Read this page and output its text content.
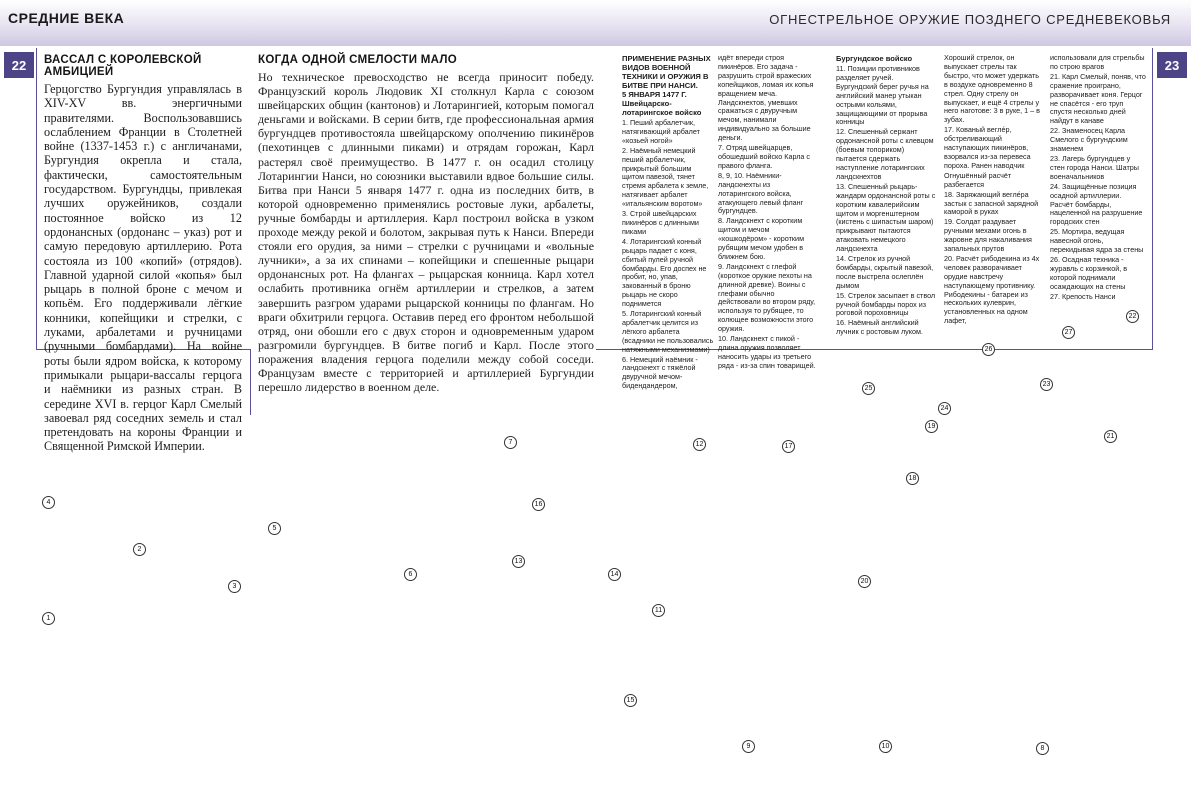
СРЕДНИЕ ВЕКА	ОГНЕСТРЕЛЬНОЕ ОРУЖИЕ ПОЗДНЕГО СРЕДНЕВЕКОВЬЯ
22	23
ВАССАЛ С КОРОЛЕВСКОЙ АМБИЦИЕЙ
Герцогство Бургундия управлялась в XIV-XV вв. энергичными правителями. Воспользовавшись ослаблением Франции в Столетней войне (1337-1453 г.) с англичанами, Бургундия окрепла и стала, фактически, самостоятельным государством. Бургундцы, привлекая лучших оружейников, создали постоянное войско из 12 ордонансных (ордонанс – указ) рот и самую передовую артиллерию. Рота состояла из 100 «копий» (отрядов). Главной ударной силой «копья» был рыцарь в полной броне с мечом и копьём. Его поддерживали лёгкие конники, копейщики и стрелки, с луками, арбалетами и ручницами (ручными бомбардами). На войне роты были ядром войска, к которому примыкали рыцари-вассалы герцога и наёмники из разных стран. В середине XVI в. герцог Карл Смелый завоевал ряд соседних земель и стал претендовать на короны Франции и Священной Римской Империи.
КОГДА ОДНОЙ СМЕЛОСТИ МАЛО
Но техническое превосходство не всегда приносит победу. Французский король Людовик XI столкнул Карла с союзом швейцарских общин (кантонов) и Лотарингией, которым помогал деньгами и войсками. В серии битв, где профессиональная армия бургундцев противостояла швейцарскому ополчению пикинёров (пехотинцев с длинными пиками) и отрядам горожан, Карл растерял своё преимущество. В 1477 г. он осадил столицу Лотарингии Нанси, но союзники выставили вдвое большие силы. Битва при Нанси 5 января 1477 г. одна из последних битв, в которой одновременно применялись ростовые луки, арбалеты, ручные бомбарды и артиллерия. Карл построил войска в узком проходе между рекой и болотом, закрывая путь к Нанси. Впереди стояли его орудия, за ними – стрелки с ручницами и «вольные лучники», а за их спинами – копейщики и спешенные рыцари ордонансных рот. На флангах – рыцарская конница. Карл хотел ослабить противника огнём артиллерии и стрелков, а затем завершить разгром ударами рыцарской конницы по флангам. Но враги обхитрили герцога. Оставив перед его фронтом небольшой отряд, они обошли его с двух сторон и одновременным ударом разгромили бургундцев. В битве погиб и Карл. После этого поражения владения герцога поделили между собой соседи. Французам вместе с территорией и артиллерией Бургундии перешло лидерство в военном деле.
ПРИМЕНЕНИЕ РАЗНЫХ ВИДОВ ВОЕННОЙ ТЕХНИКИ И ОРУЖИЯ В БИТВЕ ПРИ НАНСИ.
5 ЯНВАРЯ 1477 Г.
Швейцарско-лотарингское войско
1. Пеший арбалетчик, натягивающий арбалет «козьей ногой»
2. Наёмный немецкий пеший арбалетчик, прикрытый большим щитом павезой, тянет стремя арбалета к земле, натягивает арбалет «итальянским воротом»
3. Строй швейцарских пикинёров с длинными пиками
4. Лотарингский конный рыцарь падает с коня, сбитый пулей ручной бомбарды. Его доспех не пробит, но, упав, закованный в броню рыцарь не скоро поднимется
5. Лотарингский конный арбалетчик целится из лёгкого арбалета (всадники не пользовались натяжными механизмами)
6. Немецкий наёмник - ландскнехт с тяжёлой двуручной мечом-бидендандером,
идёт впереди строя пикинёров. Его задача - разрушить строй вражеских копейщиков, ломая их копья вращением меча. Ландскнехтов, умевших сражаться с двуручным мечом, нанимали индивидуально за большие деньги.
7. Отряд швейцарцев, обошедший войско Карла с правого фланга.
8, 9, 10. Наёмники-ландскнехты из лотарингского войска, атакующего левый фланг бургундцев.
8. Ландскнехт с коротким щитом и мечом «кошкодёром» - коротким рубящим мечом удобен в ближнем бою.
9. Ландскнехт с глефой (короткое оружие пехоты на длинной древке). Воины с глефами обычно действовали во втором ряду, используя то рубящее, то колющее возможности этого оружия.
10. Ландскнехт с пикой - длина оружия позволяет наносить удары из третьего ряда - из-за спин товарищей.
Бургундское войско
11. Позиции противников разделяет ручей. Бургундский берег ручья на английский манер утыкан острыми кольями, защищающими от прорыва конницы
12. Спешенный сержант ордонансной роты с клевцом (боевым топориком) пытается сдержать наступление лотарингских ландскнехтов
13. Спешенный рыцарь-жандарм ордонансной роты с коротким кавалерийским щитом и моргенштерном (кистень с шипастым шаром) прикрывают пытаются атаковать немецкого ландскнехта
14. Стрелок из ручной бомбарды, скрытый павезой, после выстрела ослеплён дымом
15. Стрелок засыпает в ствол ручной бомбарды порох из роговой пороховницы
16. Наёмный английский лучник с ростовым луком.
Хороший стрелок, он выпускает стрелы так быстро, что может удержать в воздухе одновременно 8 стрел. Одну стрелу он выпускает, и ещё 4 стрелы у него наготове: 3 в руке, 1 – в зубах.
17. Кованый вегле́р, обстреливающий наступающих пикинёров, взорвался из-за перевеса пороха. Ранен наводчик
Огнушённый расчёт разбегается
18. Заряжающий вегле́ра застык с запасной зарядной каморой в руках
19. Солдат раздувает ручными мехами огонь в жаровне для накаливания запальных прутов
20. Расчёт рибодекина из 4х человек разворачивает орудие навстречу наступающему противнику. Рибодекины - батареи из нескольких кулеврин, установленных на одном лафет,
использовали для стрельбы по строю врагов
21. Карл Смелый, поняв, что сражение проиграно, разворачивает коня. Герцог не спасётся - его труп спустя несколько дней найдут в канаве
22. Знаменосец Карла Смелого с бургундским знаменем
23. Лагерь бургундцев у стен города Нанси. Шатры военачальников
24. Защищённые позиция осадной артиллерии. Расчёт бомбарды, нацеленной на разрушение городских стен
25. Мортира, ведущая навесной огонь, перекидывая ядра за стены
26. Осадная техника - журавль с корзинкой, в которой поднимали осаждающих на стены
27. Крепость Нанси
1
2
3
4
5
6
7
8
9	10
11
12
13
14
15
16
17
18
19
20
21
22
23
24
25
26
27
